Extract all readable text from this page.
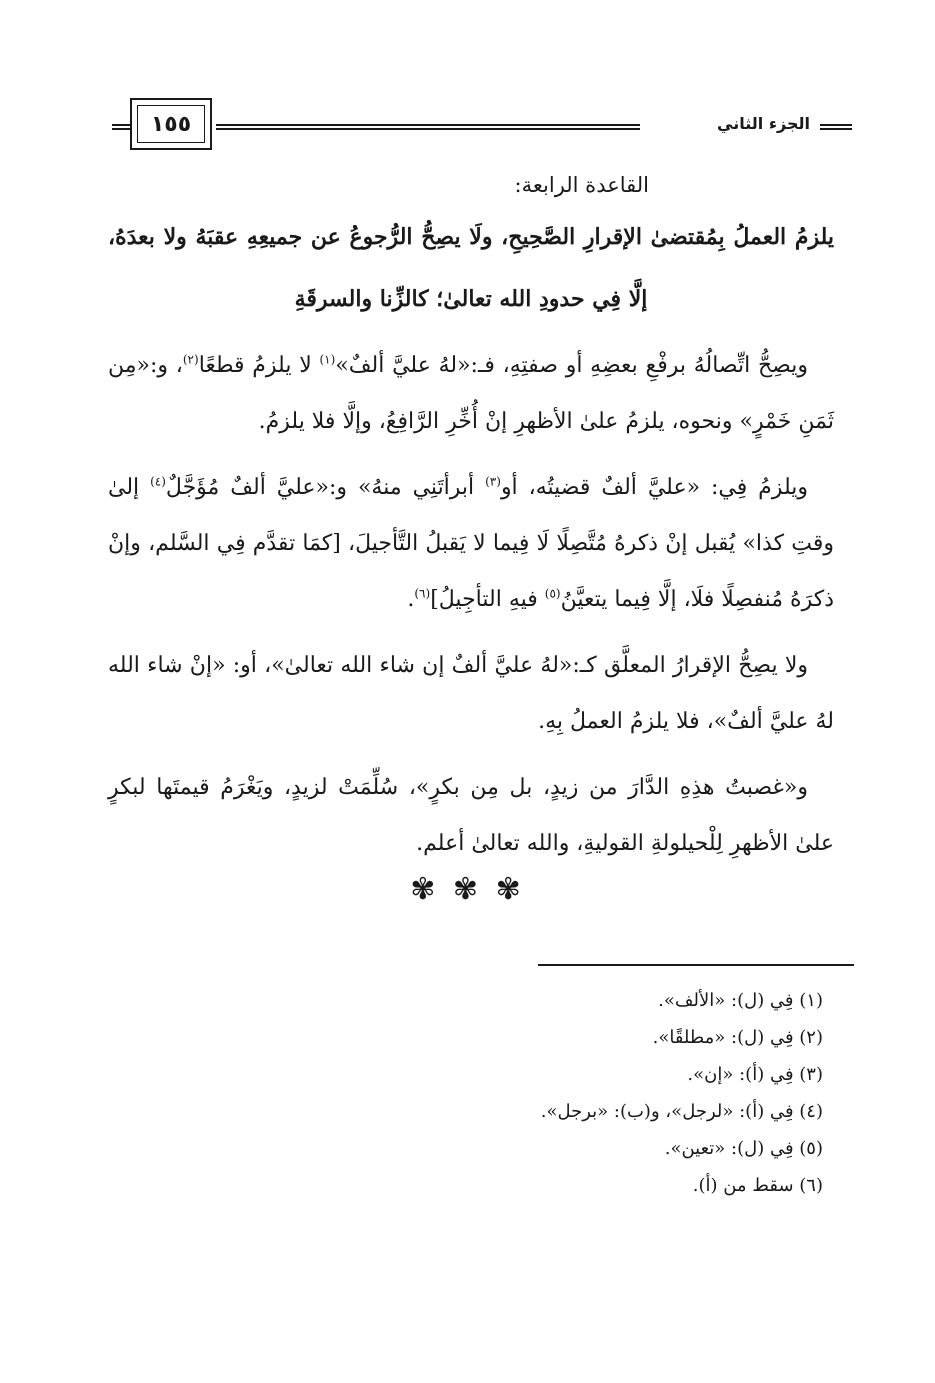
١٥٥	الجزء الثاني

القاعدة الرابعة:

يلزمُ العملُ بِمُقتضىٰ الإقرارِ الصَّحِيحِ، ولَا يصِحُّ الرُّجوعُ عن جميعِهِ عقبَهُ ولا بعدَهُ، إلَّا فِي حدودِ الله تعالىٰ؛ كالزِّنا والسرقَةِ

ويصِحُّ اتِّصالُهُ برفْعِ بعضِهِ أو صفتِهِ، فـ:«لهُ عليَّ ألفٌ»$^{(١)}$ لا يلزمُ قطعًا$^{(٢)}$، و:«مِن ثَمَنِ خَمْرٍ» ونحوه، يلزمُ علىٰ الأظهرِ إنْ أُخِّرِ الرَّافِعُ، وإلَّا فلا يلزمُ.

ويلزمُ فِي: «عليَّ ألفٌ قضيتُه، أو$^{(٣)}$ أبرأتَنِي منهُ» و:«عليَّ ألفٌ مُؤَجَّلٌ$^{(٤)}$ إلىٰ وقتِ كذا» يُقبل إنْ ذكرهُ مُتَّصِلًا لَا فِيما لا يَقبلُ التَّأجيلَ، [كمَا تقدَّم فِي السَّلم، وإنْ ذكرَهُ مُنفصِلًا فلَا، إلَّا فِيما يتعيَّنُ$^{(٥)}$ فيهِ التأجِيلُ]$^{(٦)}$.

ولا يصِحُّ الإقرارُ المعلَّق كـ:«لهُ عليَّ ألفٌ إن شاء الله تعالىٰ»، أو: «إنْ شاء الله لهُ عليَّ ألفٌ»، فلا يلزمُ العملُ بِهِ.

و«غصبتُ هذِهِ الدَّارَ من زيدٍ، بل مِن بكرٍ»، سُلِّمَتْ لزيدٍ، ويَغْرَمُ قيمتَها لبكرٍ علىٰ الأظهرِ لِلْحيلولةِ القوليةِ، والله تعالىٰ أعلم.

✾ ✾ ✾
(١) فِي (ل): «الألف».
(٢) فِي (ل): «مطلقًا».
(٣) فِي (أ): «إن».
(٤) فِي (أ): «لرجل»، و(ب): «برجل».
(٥) فِي (ل): «تعين».
(٦) سقط من (أ).
